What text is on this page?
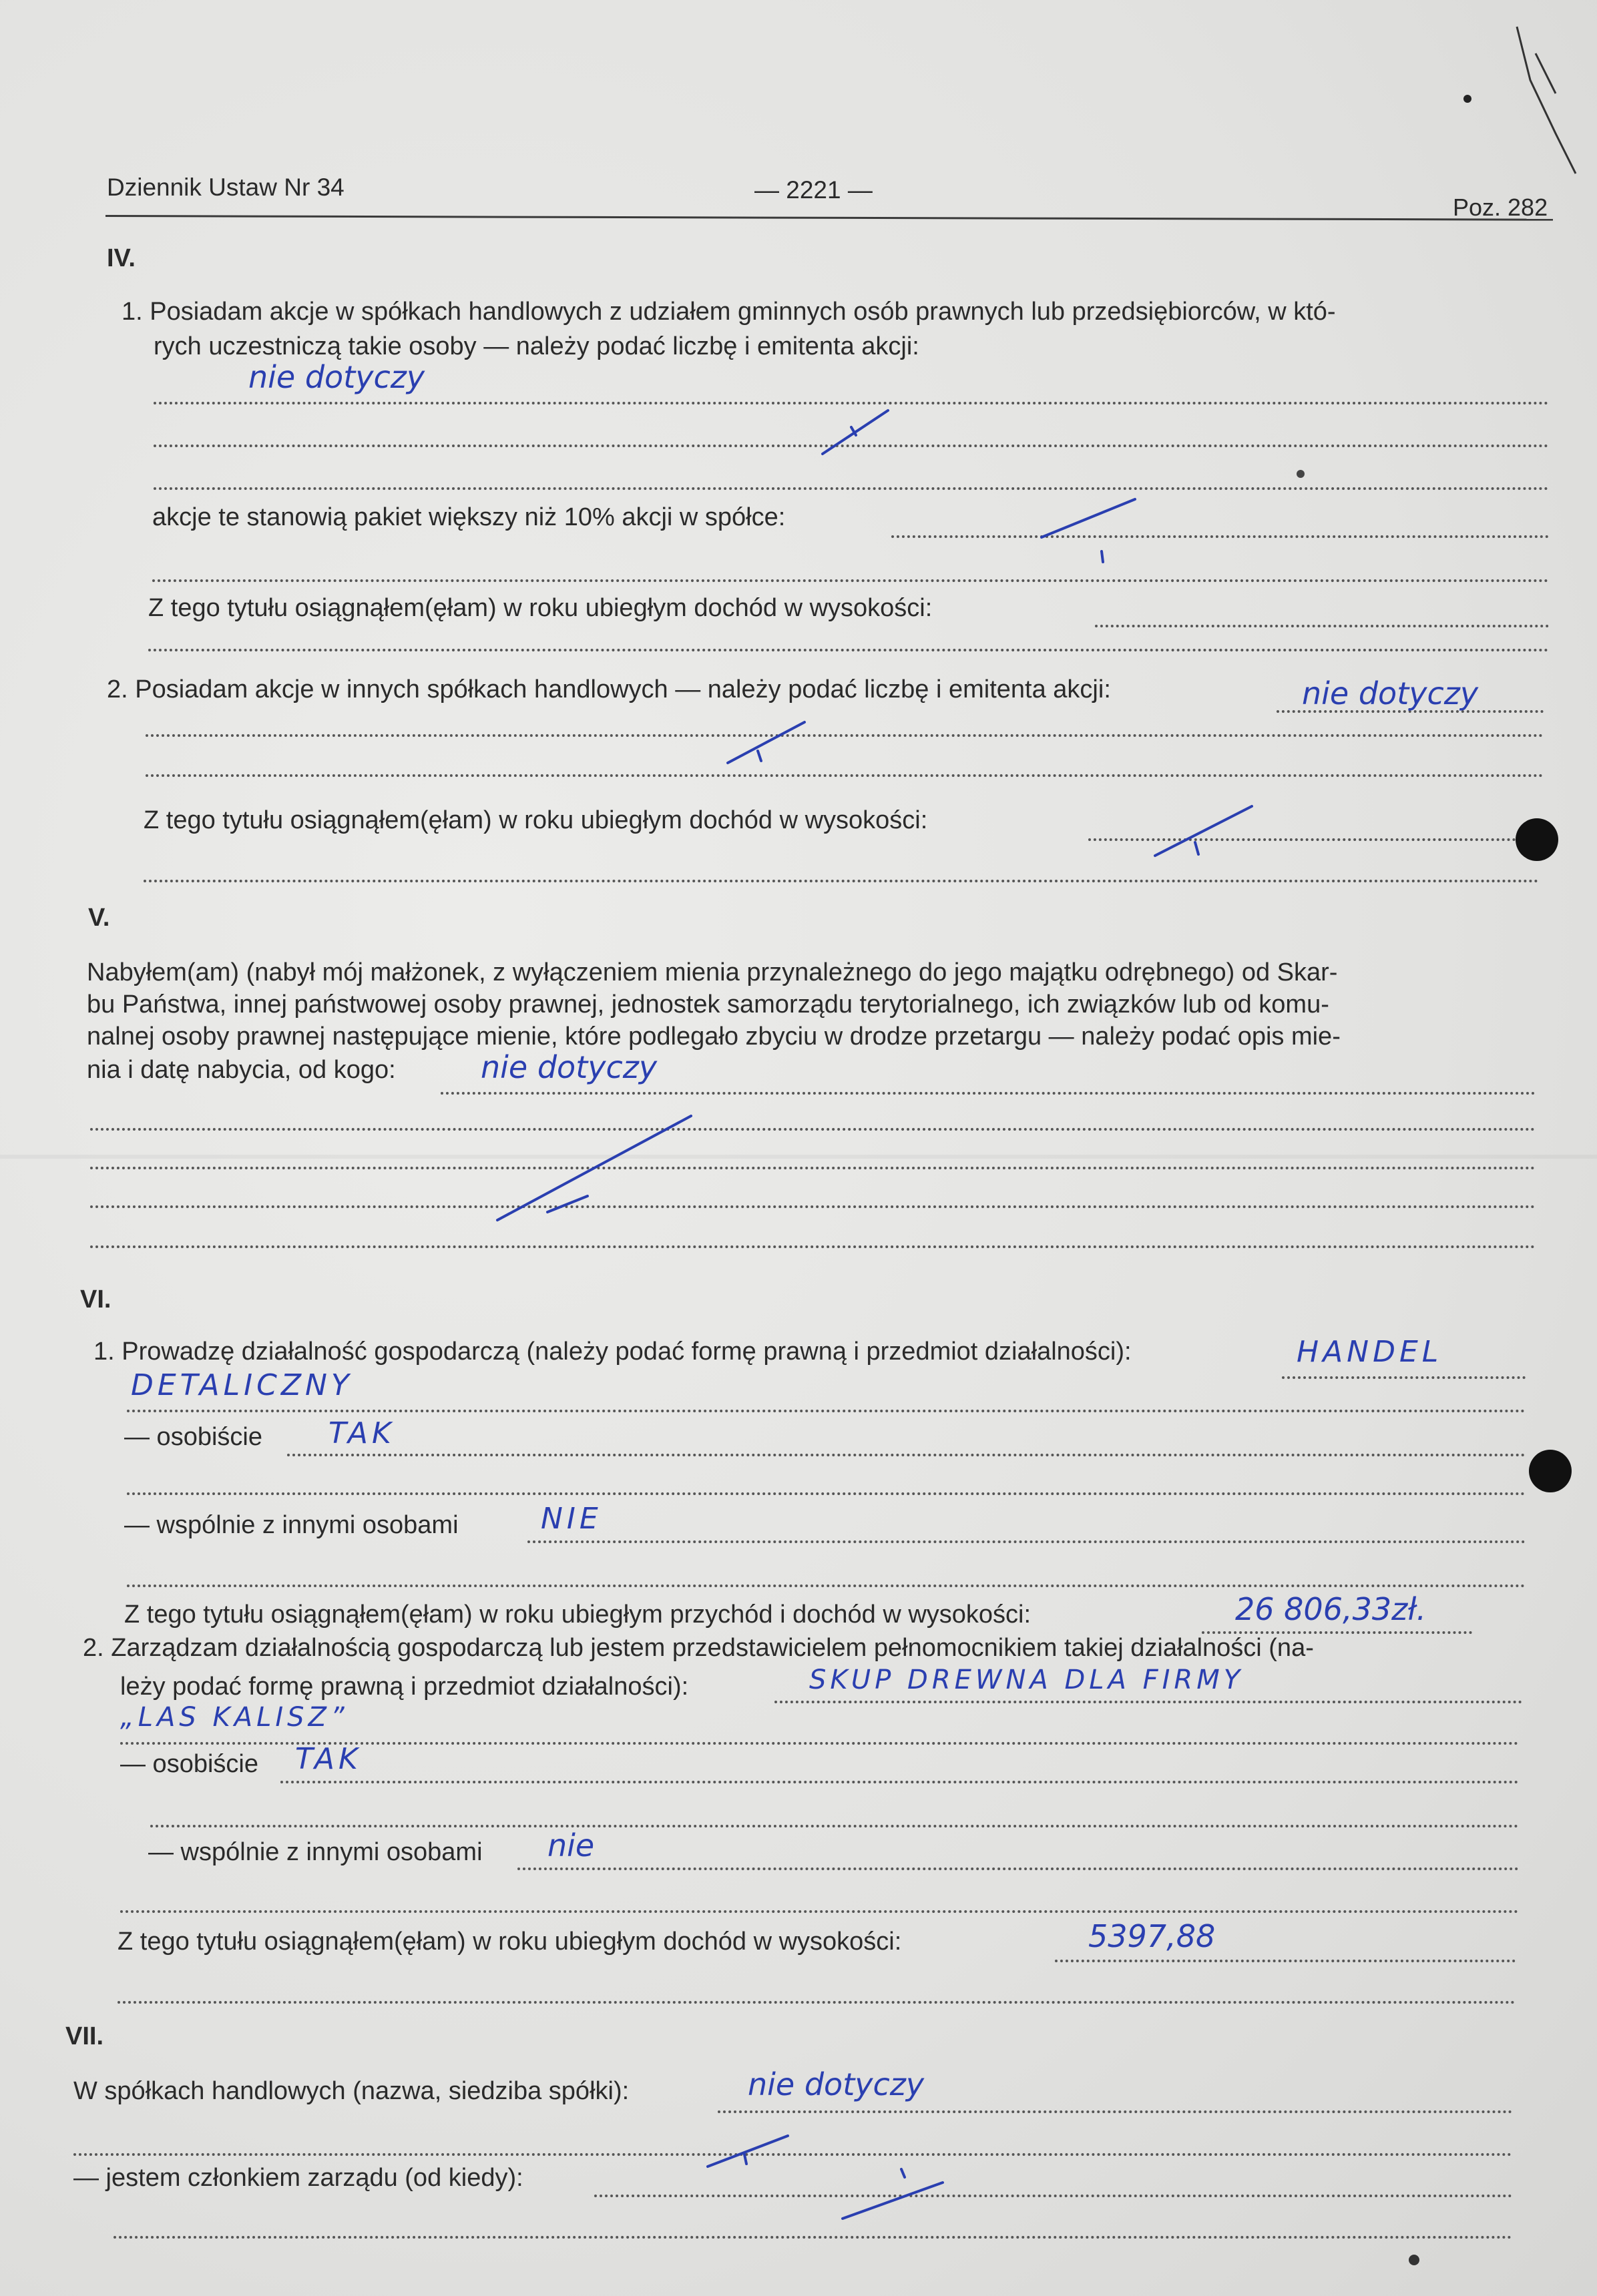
Dziennik Ustaw Nr 34	— 2221 —
Poz. 282
IV.
1. Posiadam akcje w spółkach handlowych z udziałem gminnych osób prawnych lub przedsiębiorców, w któ-
rych uczestniczą takie osoby — należy podać liczbę i emitenta akcji:
nie dotyczy
akcje te stanowią pakiet większy niż 10% akcji w spółce:
Z tego tytułu osiągnąłem(ęłam) w roku ubiegłym dochód w wysokości:
2. Posiadam akcje w innych spółkach handlowych — należy podać liczbę i emitenta akcji:	nie dotyczy
Z tego tytułu osiągnąłem(ęłam) w roku ubiegłym dochód w wysokości:
V.
Nabyłem(am) (nabył mój małżonek, z wyłączeniem mienia przynależnego do jego majątku odrębnego) od Skar-
bu Państwa, innej państwowej osoby prawnej, jednostek samorządu terytorialnego, ich związków lub od komu-
nalnej osoby prawnej następujące mienie, które podlegało zbyciu w drodze przetargu — należy podać opis mie-
nia i datę nabycia, od kogo:	nie dotyczy
VI.
1. Prowadzę działalność gospodarczą (należy podać formę prawną i przedmiot działalności):	HANDEL
DETALICZNY
— osobiście TAK
— wspólnie z innymi osobami	NIE
Z tego tytułu osiągnąłem(ęłam) w roku ubiegłym przychód i dochód w wysokości:	26 806,33zł.
2. Zarządzam działalnością gospodarczą lub jestem przedstawicielem pełnomocnikiem takiej działalności (na-
leży podać formę prawną i przedmiot działalności):	SKUP DREWNA DLA FIRMY
„LAS KALISZ”
— osobiście TAK
— wspólnie z innymi osobami nie
Z tego tytułu osiągnąłem(ęłam) w roku ubiegłym dochód w wysokości:	5397,88
VII.
W spółkach handlowych (nazwa, siedziba spółki):	nie dotyczy
— jestem członkiem zarządu (od kiedy):
